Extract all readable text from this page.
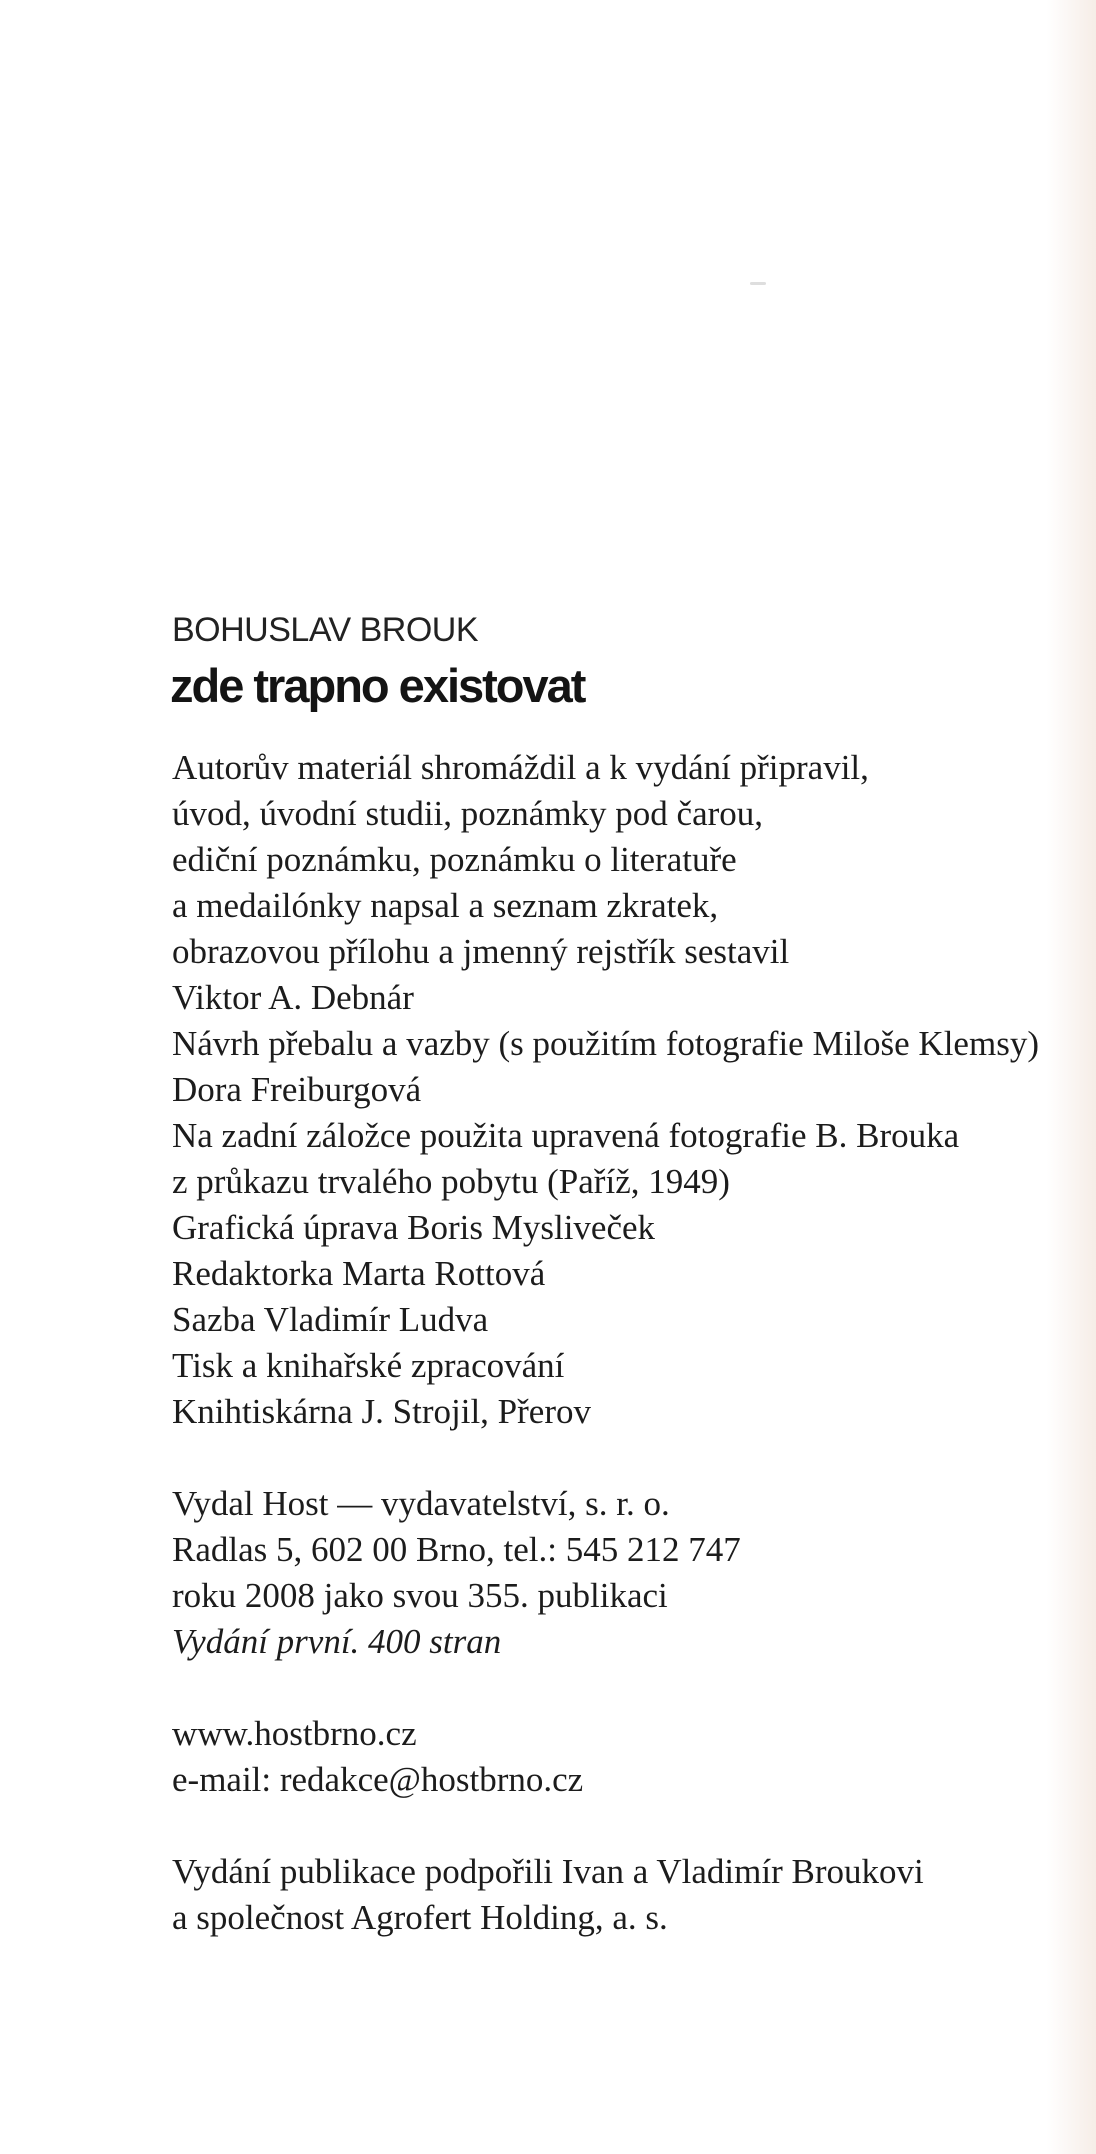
BOHUSLAV BROUK
zde trapno existovat
Autorův materiál shromáždil a k vydání připravil,
úvod, úvodní studii, poznámky pod čarou,
ediční poznámku, poznámku o literatuře
a medailónky napsal a seznam zkratek,
obrazovou přílohu a jmenný rejstřík sestavil
Viktor A. Debnár
Návrh přebalu a vazby (s použitím fotografie Miloše Klemsy)
Dora Freiburgová
Na zadní záložce použita upravená fotografie B. Brouka
z průkazu trvalého pobytu (Paříž, 1949)
Grafická úprava Boris Mysliveček
Redaktorka Marta Rottová
Sazba Vladimír Ludva
Tisk a knihařské zpracování
Knihtiskárna J. Strojil, Přerov
Vydal Host — vydavatelství, s. r. o.
Radlas 5, 602 00 Brno, tel.: 545 212 747
roku 2008 jako svou 355. publikaci
Vydání první. 400 stran
www.hostbrno.cz
e-mail: redakce@hostbrno.cz
Vydání publikace podpořili Ivan a Vladimír Broukovi
a společnost Agrofert Holding, a. s.
